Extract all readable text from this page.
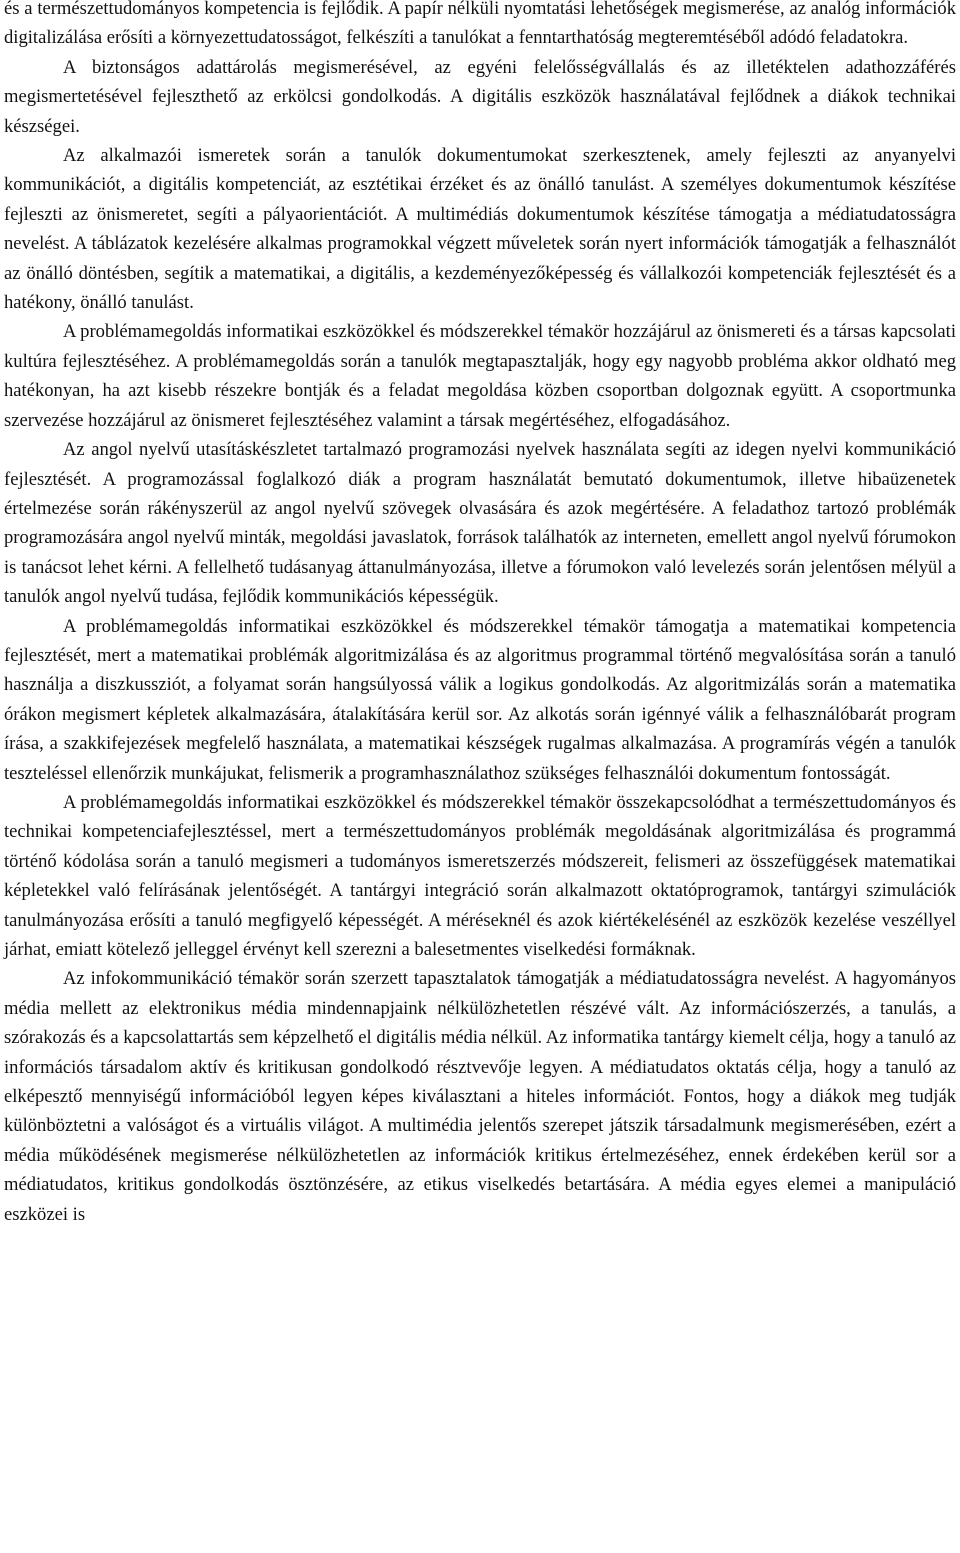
és a természettudományos kompetencia is fejlődik. A papír nélküli nyomtatási lehetőségek megismerése, az analóg információk digitalizálása erősíti a környezettudatosságot, felkészíti a tanulókat a fenntarthatóság megteremtéséből adódó feladatokra.

A biztonságos adattárolás megismerésével, az egyéni felelősségvállalás és az illetéktelen adathozzáférés megismertetésével fejleszthető az erkölcsi gondolkodás. A digitális eszközök használatával fejlődnek a diákok technikai készségei.

Az alkalmazói ismeretek során a tanulók dokumentumokat szerkesztenek, amely fejleszti az anyanyelvi kommunikációt, a digitális kompetenciát, az esztétikai érzéket és az önálló tanulást. A személyes dokumentumok készítése fejleszti az önismeretet, segíti a pályaorientációt. A multimédiás dokumentumok készítése támogatja a médiatudatosságra nevelést. A táblázatok kezelésére alkalmas programokkal végzett műveletek során nyert információk támogatják a felhasználót az önálló döntésben, segítik a matematikai, a digitális, a kezdeményezőképesség és vállalkozói kompetenciák fejlesztését és a hatékony, önálló tanulást.

A problémamegoldás informatikai eszközökkel és módszerekkel témakör hozzájárul az önismereti és a társas kapcsolati kultúra fejlesztéséhez. A problémamegoldás során a tanulók megtapasztalják, hogy egy nagyobb probléma akkor oldható meg hatékonyan, ha azt kisebb részekre bontják és a feladat megoldása közben csoportban dolgoznak együtt. A csoportmunka szervezése hozzájárul az önismeret fejlesztéséhez valamint a társak megértéséhez, elfogadásához.

Az angol nyelvű utasításkészletet tartalmazó programozási nyelvek használata segíti az idegen nyelvi kommunikáció fejlesztését. A programozással foglalkozó diák a program használatát bemutató dokumentumok, illetve hibaüzenetek értelmezése során rákényszerül az angol nyelvű szövegek olvasására és azok megértésére. A feladathoz tartozó problémák programozására angol nyelvű minták, megoldási javaslatok, források találhatók az interneten, emellett angol nyelvű fórumokon is tanácsot lehet kérni. A fellelhető tudásanyag áttanulmányozása, illetve a fórumokon való levelezés során jelentősen mélyül a tanulók angol nyelvű tudása, fejlődik kommunikációs képességük.

A problémamegoldás informatikai eszközökkel és módszerekkel témakör támogatja a matematikai kompetencia fejlesztését, mert a matematikai problémák algoritmizálása és az algoritmus programmal történő megvalósítása során a tanuló használja a diszkussziót, a folyamat során hangsúlyossá válik a logikus gondolkodás. Az algoritmizálás során a matematika órákon megismert képletek alkalmazására, átalakítására kerül sor. Az alkotás során igénnyé válik a felhasználóbarát program írása, a szakkifejezések megfelelő használata, a matematikai készségek rugalmas alkalmazása. A programírás végén a tanulók teszteléssel ellenőrzik munkájukat, felismerik a programhasználathoz szükséges felhasználói dokumentum fontosságát.

A problémamegoldás informatikai eszközökkel és módszerekkel témakör összekapcsolódhat a természettudományos és technikai kompetenciafejlesztéssel, mert a természettudományos problémák megoldásának algoritmizálása és programmá történő kódolása során a tanuló megismeri a tudományos ismeretszerzés módszereit, felismeri az összefüggések matematikai képletekkel való felírásának jelentőségét. A tantárgyi integráció során alkalmazott oktatóprogramok, tantárgyi szimulációk tanulmányozása erősíti a tanuló megfigyelő képességét. A méréseknél és azok kiértékelésénél az eszközök kezelése veszéllyel járhat, emiatt kötelező jelleggel érvényt kell szerezni a balesetmentes viselkedési formáknak.

Az infokommunikáció témakör során szerzett tapasztalatok támogatják a médiatudatosságra nevelést. A hagyományos média mellett az elektronikus média mindennapjaink nélkülözhetetlen részévé vált. Az információszerzés, a tanulás, a szórakozás és a kapcsolattartás sem képzelhető el digitális média nélkül. Az informatika tantárgy kiemelt célja, hogy a tanuló az információs társadalom aktív és kritikusan gondolkodó résztvevője legyen. A médiatudatos oktatás célja, hogy a tanuló az elképesztő mennyiségű információból legyen képes kiválasztani a hiteles információt. Fontos, hogy a diákok meg tudják különböztetni a valóságot és a virtuális világot. A multimédia jelentős szerepet játszik társadalmunk megismerésében, ezért a média működésének megismerése nélkülözhetetlen az információk kritikus értelmezéséhez, ennek érdekében kerül sor a médiatudatos, kritikus gondolkodás ösztönzésére, az etikus viselkedés betartására. A média egyes elemei a manipuláció eszközei is
